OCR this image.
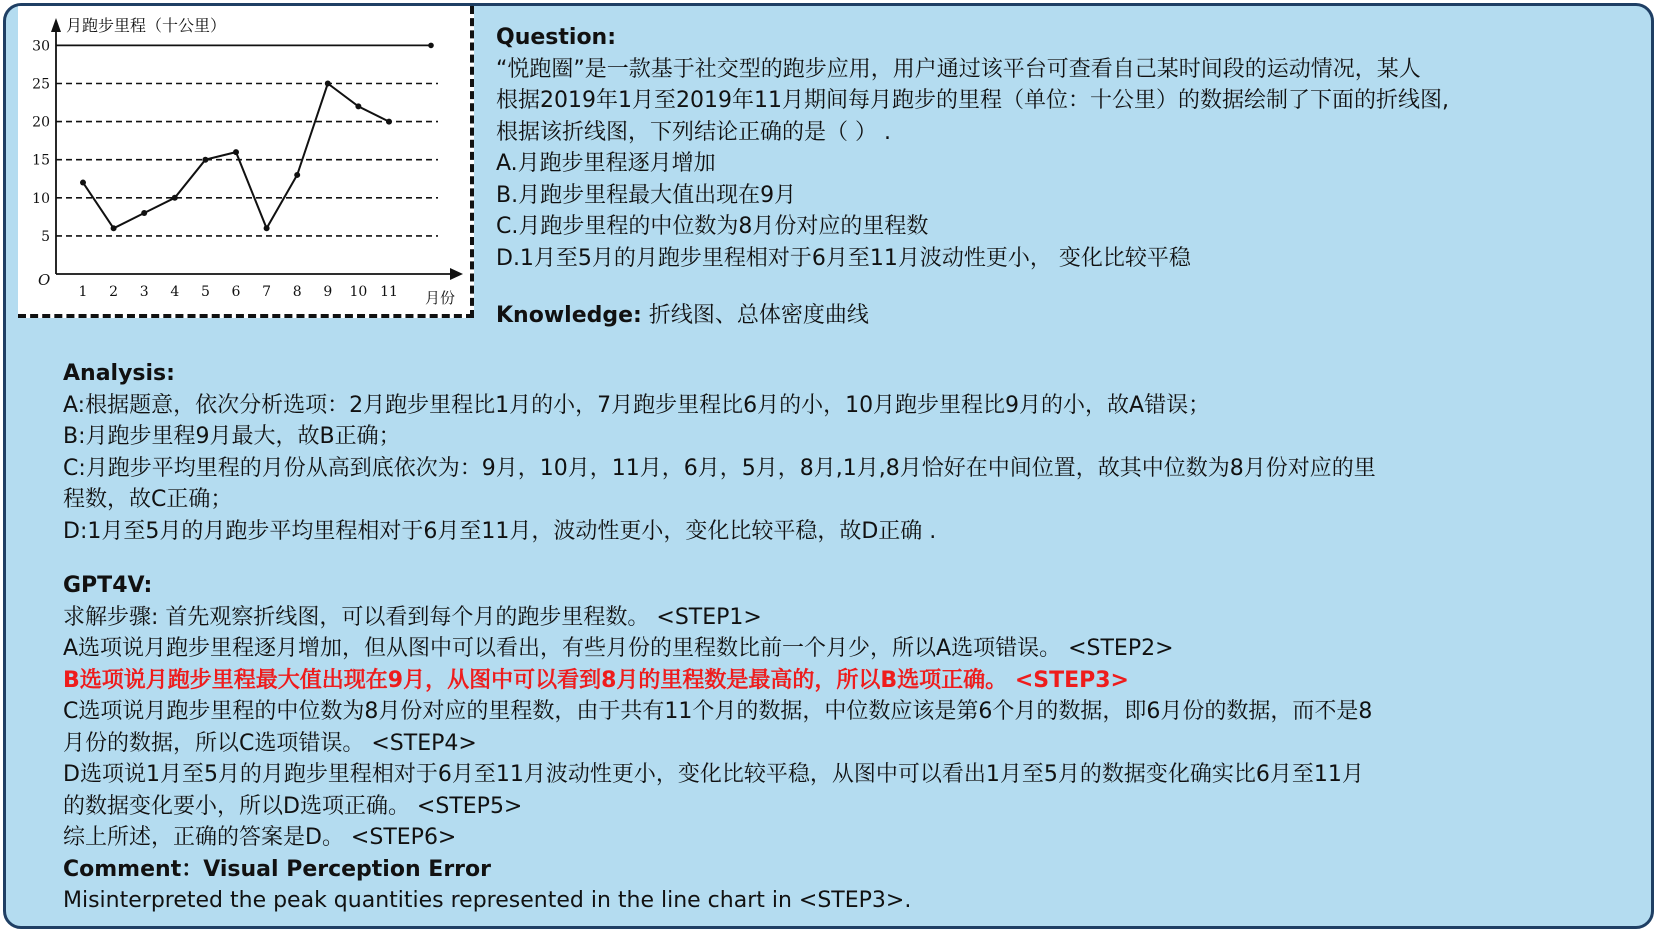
5
10
15
20
25
30
1 2 3 4 5 6 7 8 9 10 11
O
月跑步里程（十公里）
月份
Question:
“悦跑圈”是一款基于社交型的跑步应用，用户通过该平台可查看自己某时间段的运动情况，某人
根据2019年1月至2019年11月期间每月跑步的里程（单位：十公里）的数据绘制了下面的折线图,
根据该折线图，下列结论正确的是（ ） .
A.月跑步里程逐月增加
B.月跑步里程最大值出现在9月
C.月跑步里程的中位数为8月份对应的里程数
D.1月至5月的月跑步里程相对于6月至11月波动性更小， 变化比较平稳
Knowledge: 折线图、总体密度曲线
Analysis:
A:根据题意，依次分析选项：2月跑步里程比1月的小，7月跑步里程比6月的小，10月跑步里程比9月的小，故A错误；
B:月跑步里程9月最大，故B正确；
C:月跑步平均里程的月份从高到底依次为：9月，10月，11月，6月，5月，8月,1月,8月恰好在中间位置，故其中位数为8月份对应的里
程数，故C正确；
D:1月至5月的月跑步平均里程相对于6月至11月，波动性更小，变化比较平稳，故D正确 .
GPT4V:
求解步骤: 首先观察折线图，可以看到每个月的跑步里程数。 <STEP1>
A选项说月跑步里程逐月增加，但从图中可以看出，有些月份的里程数比前一个月少，所以A选项错误。 <STEP2>
B选项说月跑步里程最大值出现在9月，从图中可以看到8月的里程数是最高的，所以B选项正确。 <STEP3>
C选项说月跑步里程的中位数为8月份对应的里程数，由于共有11个月的数据，中位数应该是第6个月的数据，即6月份的数据，而不是8
月份的数据，所以C选项错误。 <STEP4>
D选项说1月至5月的月跑步里程相对于6月至11月波动性更小，变化比较平稳，从图中可以看出1月至5月的数据变化确实比6月至11月
的数据变化要小，所以D选项正确。 <STEP5>
综上所述，正确的答案是D。 <STEP6>
Comment：Visual Perception Error
Misinterpreted the peak quantities represented in the line chart in <STEP3>.
